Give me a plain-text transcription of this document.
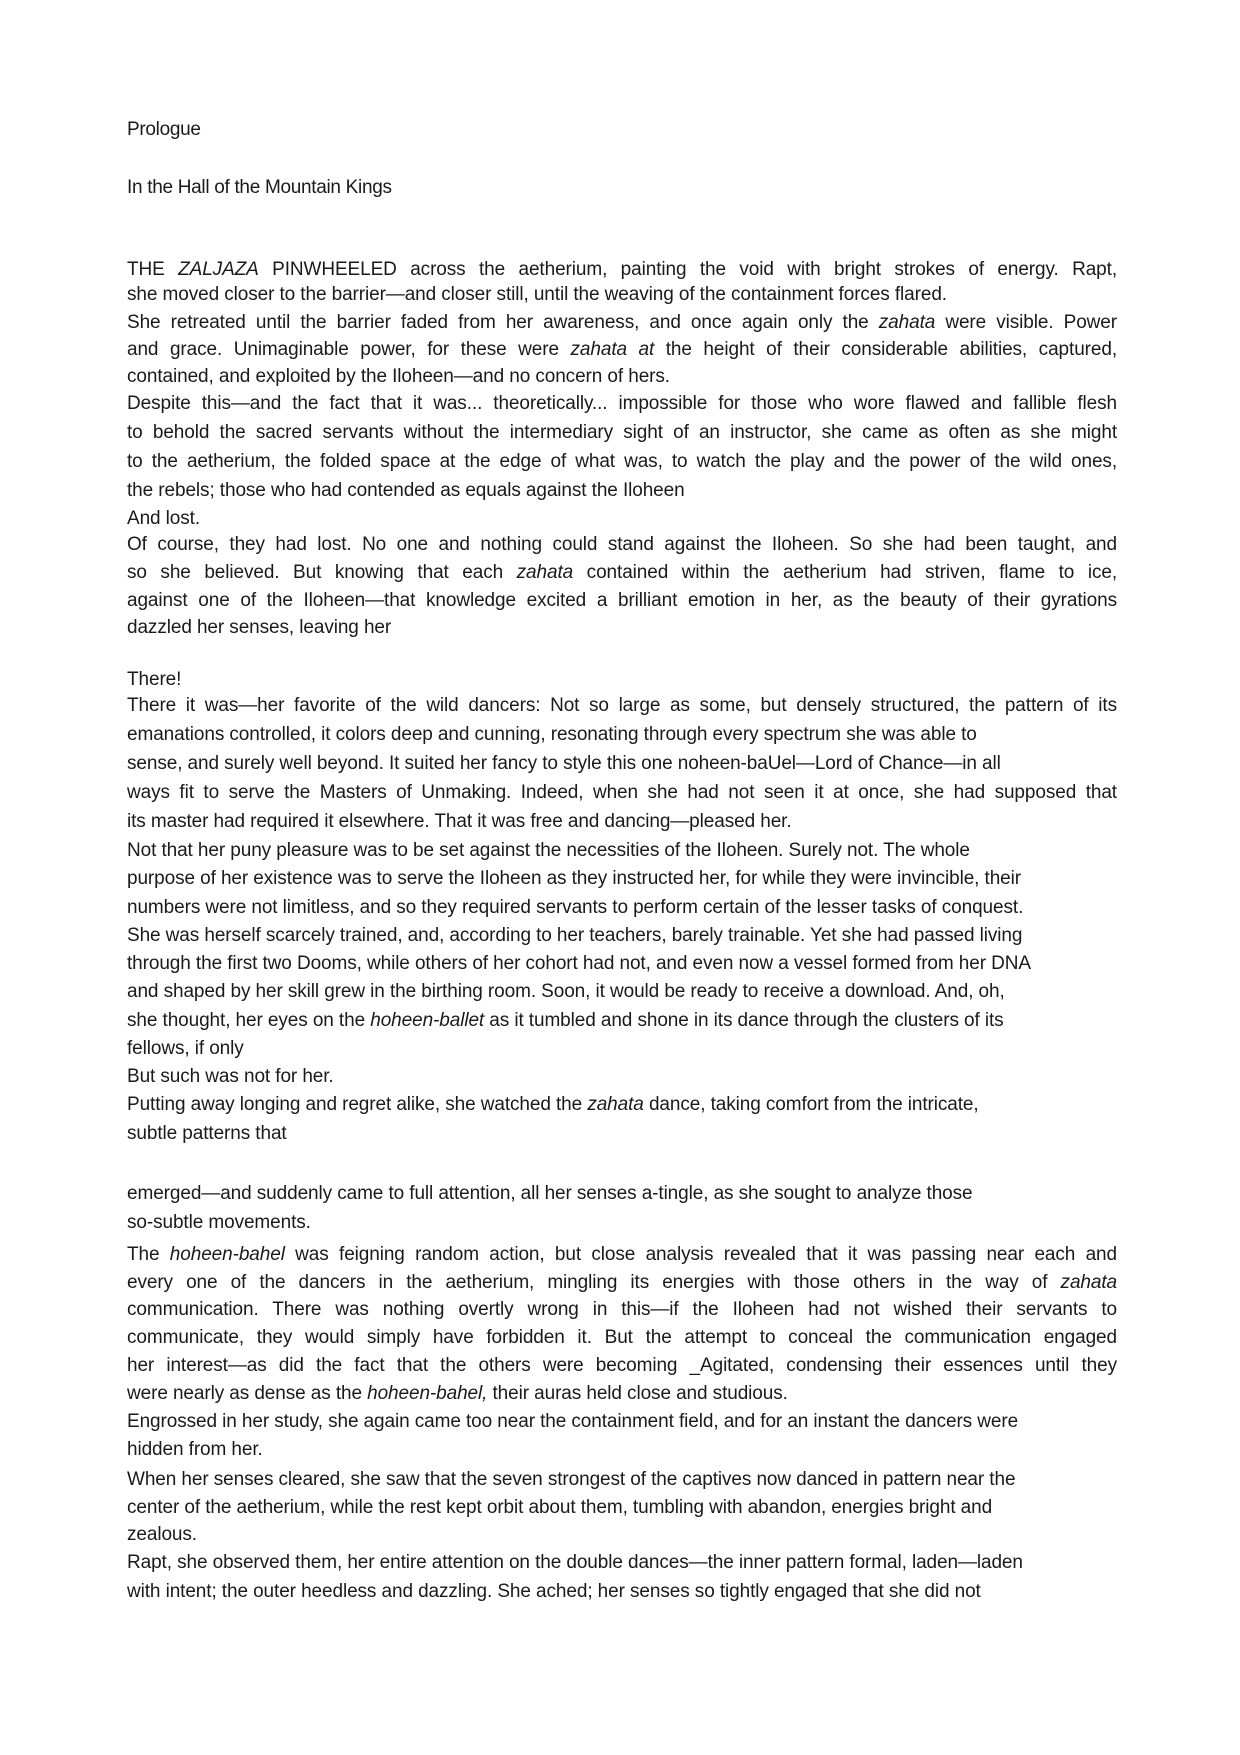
Prologue
In the Hall of the Mountain Kings
THE ZALJAZA PINWHEELED across the aetherium, painting the void with bright strokes of energy. Rapt,
she moved closer to the barrier—and closer still, until the weaving of the containment forces flared.
She retreated until the barrier faded from her awareness, and once again only the zahata were visible. Power
and grace. Unimaginable power, for these were zahata at the height of their considerable abilities, captured,
contained, and exploited by the Iloheen—and no concern of hers.
Despite this—and the fact that it was... theoretically... impossible for those who wore flawed and fallible flesh
to behold the sacred servants without the intermediary sight of an instructor, she came as often as she might
to the aetherium, the folded space at the edge of what was, to watch the play and the power of the wild ones,
the rebels; those who had contended as equals against the Iloheen
And lost.
Of course, they had lost. No one and nothing could stand against the Iloheen. So she had been taught, and
so she believed. But knowing that each zahata contained within the aetherium had striven, flame to ice,
against one of the Iloheen—that knowledge excited a brilliant emotion in her, as the beauty of their gyrations
dazzled her senses, leaving her
There!
There it was—her favorite of the wild dancers: Not so large as some, but densely structured, the pattern of its
emanations controlled, it colors deep and cunning, resonating through every spectrum she was able to
sense, and surely well beyond. It suited her fancy to style this one noheen-baUel—Lord of Chance—in all
ways fit to serve the Masters of Unmaking. Indeed, when she had not seen it at once, she had supposed that
its master had required it elsewhere. That it was free and dancing—pleased her.
Not that her puny pleasure was to be set against the necessities of the Iloheen. Surely not. The whole
purpose of her existence was to serve the Iloheen as they instructed her, for while they were invincible, their
numbers were not limitless, and so they required servants to perform certain of the lesser tasks of conquest.
She was herself scarcely trained, and, according to her teachers, barely trainable. Yet she had passed living
through the first two Dooms, while others of her cohort had not, and even now a vessel formed from her DNA
and shaped by her skill grew in the birthing room. Soon, it would be ready to receive a download. And, oh,
she thought, her eyes on the hoheen-ballet as it tumbled and shone in its dance through the clusters of its
fellows, if only
But such was not for her.
Putting away longing and regret alike, she watched the zahata dance, taking comfort from the intricate,
subtle patterns that
emerged—and suddenly came to full attention, all her senses a-tingle, as she sought to analyze those
so-subtle movements.
The hoheen-bahel was feigning random action, but close analysis revealed that it was passing near each and
every one of the dancers in the aetherium, mingling its energies with those others in the way of zahata
communication. There was nothing overtly wrong in this—if the Iloheen had not wished their servants to
communicate, they would simply have forbidden it. But the attempt to conceal the communication engaged
her interest—as did the fact that the others were becoming _Agitated, condensing their essences until they
were nearly as dense as the hoheen-bahel, their auras held close and studious.
Engrossed in her study, she again came too near the containment field, and for an instant the dancers were
hidden from her.
When her senses cleared, she saw that the seven strongest of the captives now danced in pattern near the
center of the aetherium, while the rest kept orbit about them, tumbling with abandon, energies bright and
zealous.
Rapt, she observed them, her entire attention on the double dances—the inner pattern formal, laden—laden
with intent; the outer heedless and dazzling. She ached; her senses so tightly engaged that she did not
